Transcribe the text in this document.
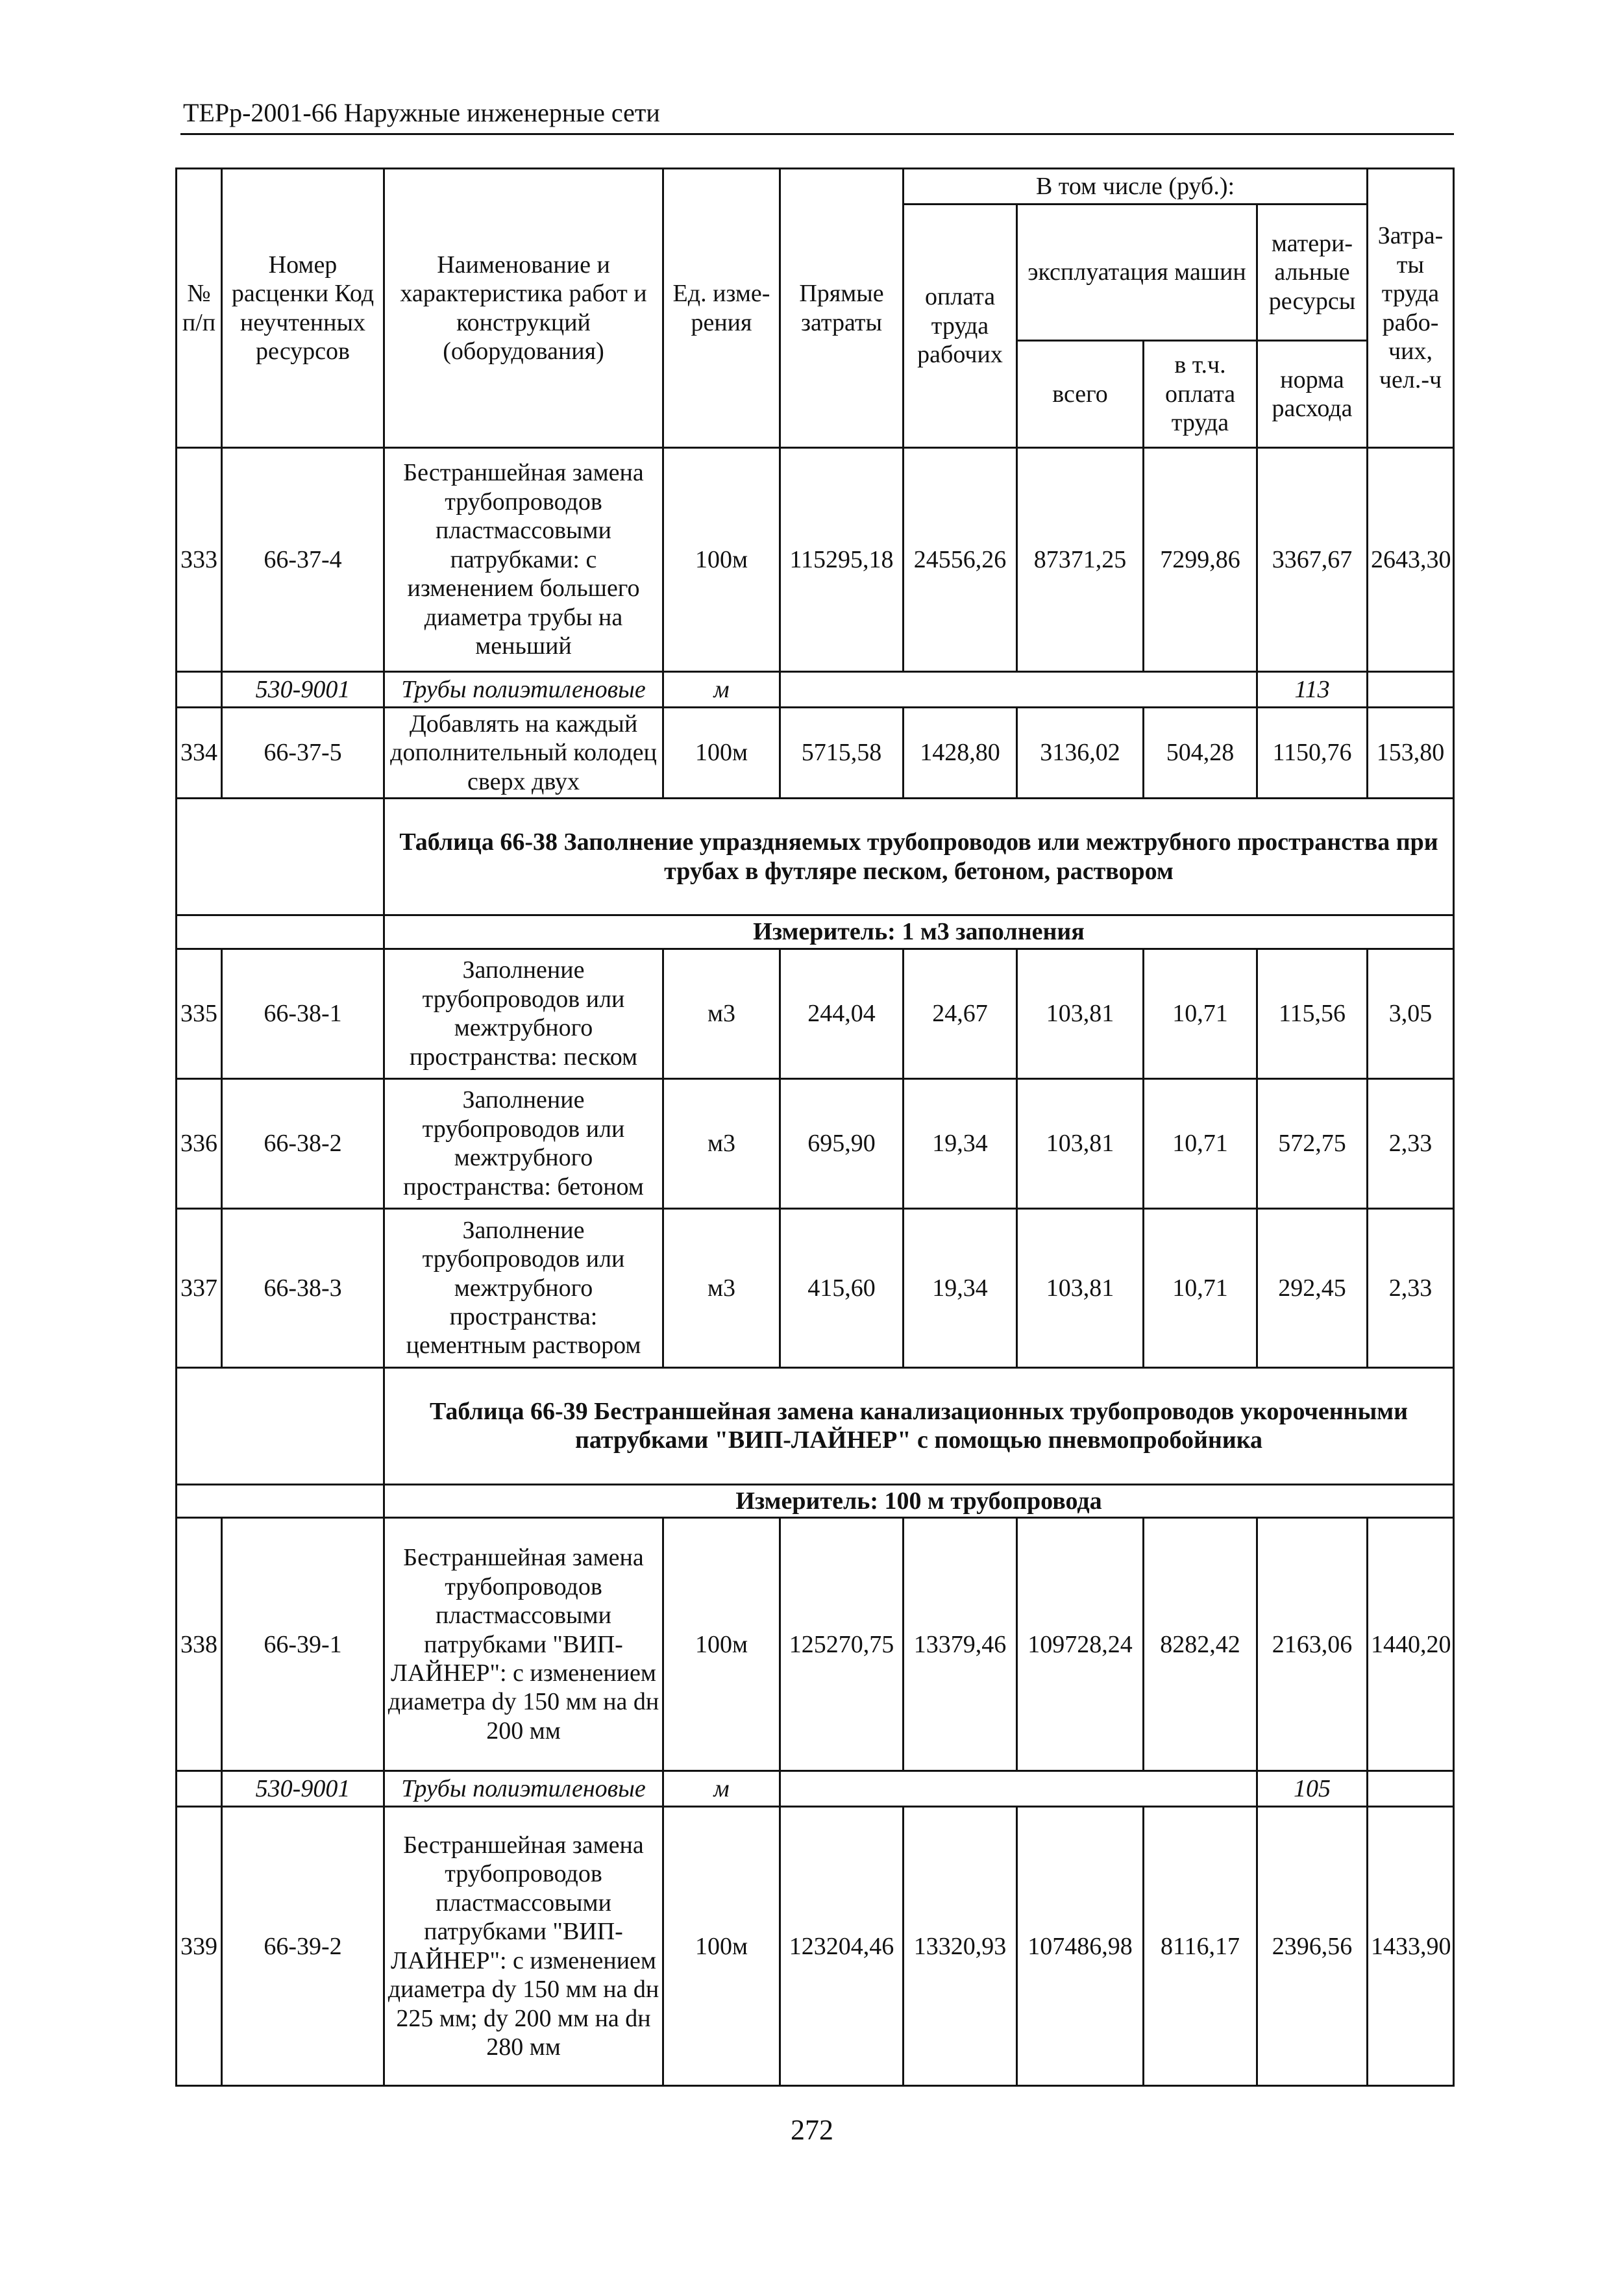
ТЕРр-2001-66 Наружные инженерные сети
№ п/п	Номер расценки Код неучтенных ресурсов	Наименование и характеристика работ и конструкций (оборудования)	Ед. изме-рения	Прямые затраты	В том числе (руб.):				Затра-ты труда рабо-чих, чел.-ч
					оплата труда рабочих	эксплуатация машин		матери-альные ресурсы	
						всего	в т.ч. оплата труда	норма расхода	
333	66-37-4	Бестраншейная замена трубопроводов пластмассовыми патрубками: с изменением большего диаметра трубы на меньший	100м	115295,18	24556,26	87371,25	7299,86	3367,67	2643,30
	530-9001	Трубы полиэтиленовые	м					113	
334	66-37-5	Добавлять на каждый дополнительный колодец сверх двух	100м	5715,58	1428,80	3136,02	504,28	1150,76	153,80
		Таблица 66-38 Заполнение упраздняемых трубопроводов или межтрубного пространства при трубах в футляре песком, бетоном, раствором							
		Измеритель: 1 м3 заполнения							
335	66-38-1	Заполнение трубопроводов или межтрубного пространства: песком	м3	244,04	24,67	103,81	10,71	115,56	3,05
336	66-38-2	Заполнение трубопроводов или межтрубного пространства: бетоном	м3	695,90	19,34	103,81	10,71	572,75	2,33
337	66-38-3	Заполнение трубопроводов или межтрубного пространства: цементным раствором	м3	415,60	19,34	103,81	10,71	292,45	2,33
		Таблица 66-39 Бестраншейная замена канализационных трубопроводов укороченными патрубками "ВИП-ЛАЙНЕР" с помощью пневмопробойника							
		Измеритель: 100 м трубопровода							
338	66-39-1	Бестраншейная замена трубопроводов пластмассовыми патрубками "ВИП-ЛАЙНЕР": с изменением диаметра dy 150 мм на dн 200 мм	100м	125270,75	13379,46	109728,24	8282,42	2163,06	1440,20
	530-9001	Трубы полиэтиленовые	м					105	
339	66-39-2	Бестраншейная замена трубопроводов пластмассовыми патрубками "ВИП-ЛАЙНЕР": с изменением диаметра dy 150 мм на dн 225 мм; dy 200 мм на dн 280 мм	100м	123204,46	13320,93	107486,98	8116,17	2396,56	1433,90
272
